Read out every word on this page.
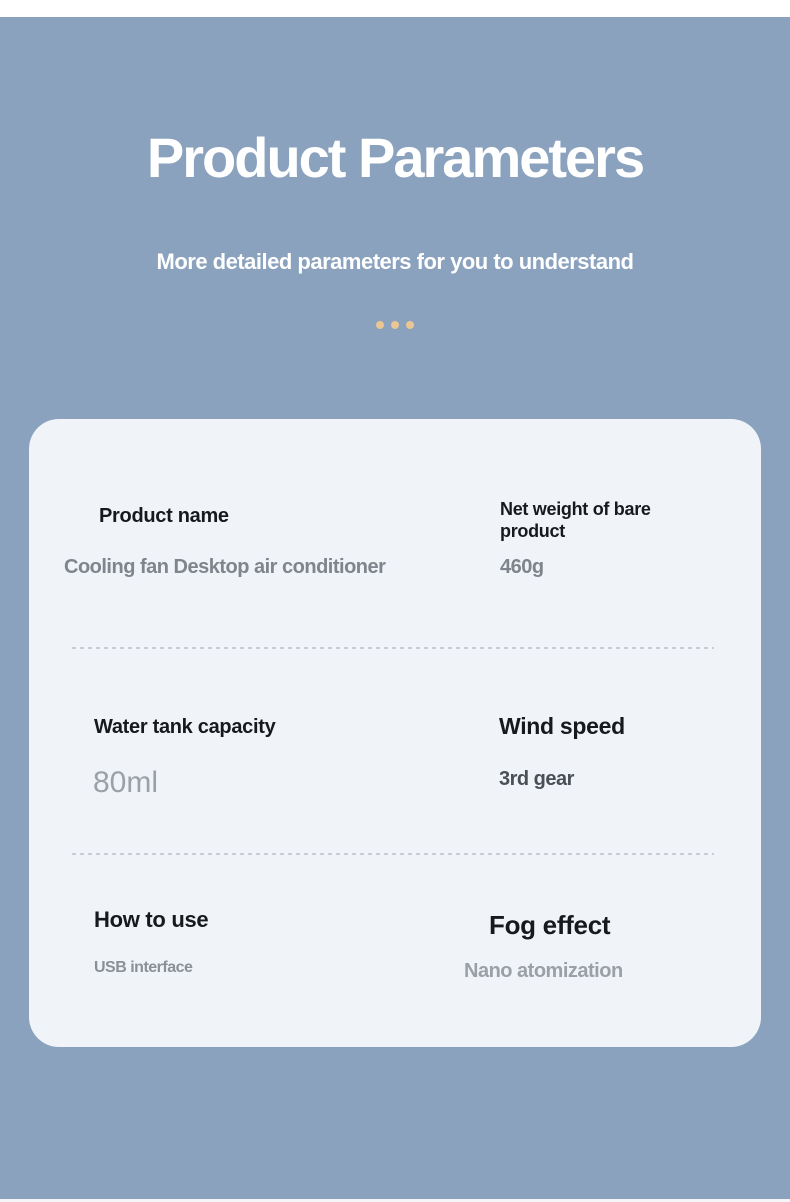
Product Parameters
More detailed parameters for you to understand
Product name
Cooling fan Desktop air conditioner
Net weight of bare product
460g
Water tank capacity
80ml
Wind speed
3rd gear
How to use
USB interface
Fog effect
Nano atomization
